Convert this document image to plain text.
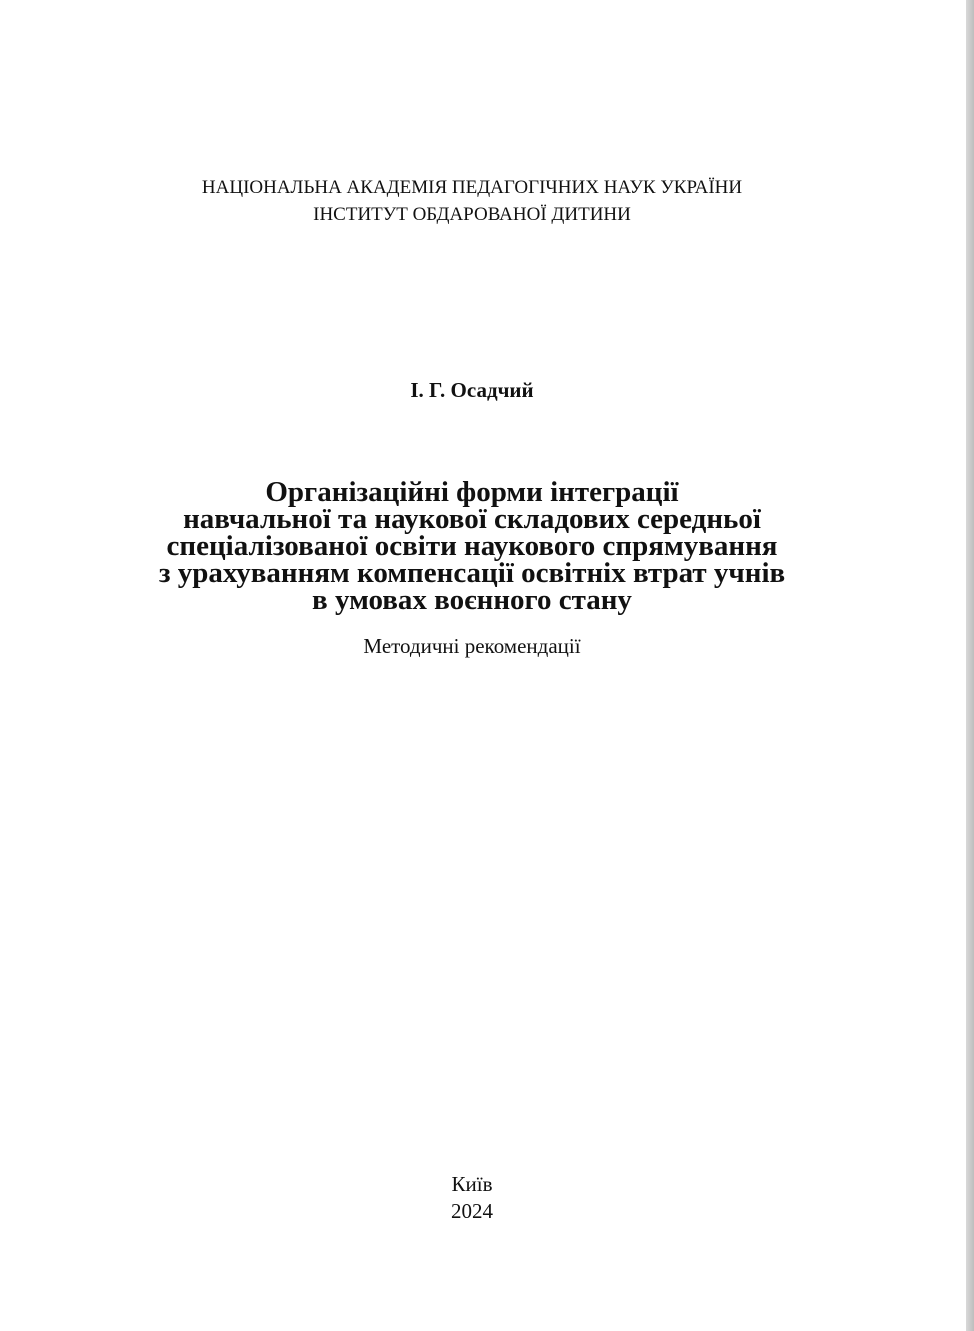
НАЦІОНАЛЬНА АКАДЕМІЯ ПЕДАГОГІЧНИХ НАУК УКРАЇНИ
ІНСТИТУТ ОБДАРОВАНОЇ ДИТИНИ
І. Г. Осадчий
Організаційні форми інтеграції
навчальної та наукової складових середньої
спеціалізованої освіти наукового спрямування
з урахуванням компенсації освітніх втрат учнів
в умовах воєнного стану
Методичні рекомендації
Київ
2024
